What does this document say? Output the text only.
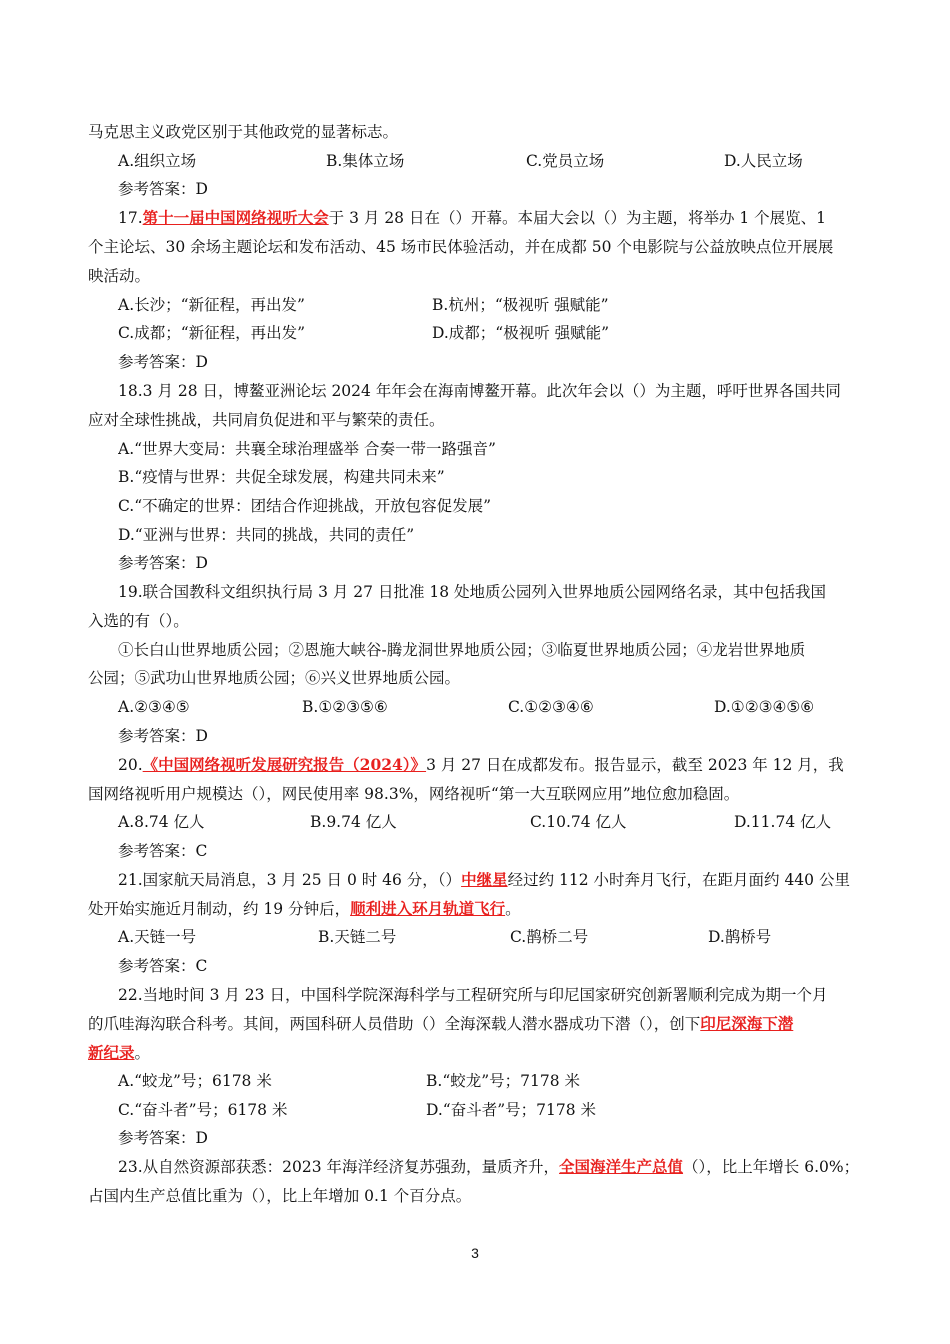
马克思主义政党区别于其他政党的显著标志。
A.组织立场	B.集体立场	C.党员立场	D.人民立场
参考答案：D
17.第十一届中国网络视听大会于 3 月 28 日在（）开幕。本届大会以（）为主题，将举办 1 个展览、1
个主论坛、30 余场主题论坛和发布活动、45 场市民体验活动，并在成都 50 个电影院与公益放映点位开展展
映活动。
A.长沙；“新征程，再出发”	B.杭州；“极视听 强赋能”
C.成都；“新征程，再出发”	D.成都；“极视听 强赋能”
参考答案：D
18.3 月 28 日，博鳌亚洲论坛 2024 年年会在海南博鳌开幕。此次年会以（）为主题，呼吁世界各国共同
应对全球性挑战，共同肩负促进和平与繁荣的责任。
A.“世界大变局：共襄全球治理盛举 合奏一带一路强音”
B.“疫情与世界：共促全球发展，构建共同未来”
C.“不确定的世界：团结合作迎挑战，开放包容促发展”
D.“亚洲与世界：共同的挑战，共同的责任”
参考答案：D
19.联合国教科文组织执行局 3 月 27 日批准 18 处地质公园列入世界地质公园网络名录，其中包括我国
入选的有（）。
①长白山世界地质公园；②恩施大峡谷-腾龙洞世界地质公园；③临夏世界地质公园；④龙岩世界地质
公园；⑤武功山世界地质公园；⑥兴义世界地质公园。
A.②③④⑤	B.①②③⑤⑥	C.①②③④⑥	D.①②③④⑤⑥
参考答案：D
20.《中国网络视听发展研究报告（2024）》3 月 27 日在成都发布。报告显示，截至 2023 年 12 月，我
国网络视听用户规模达（），网民使用率 98.3%，网络视听“第一大互联网应用”地位愈加稳固。
A.8.74 亿人	B.9.74 亿人	C.10.74 亿人	D.11.74 亿人
参考答案：C
21.国家航天局消息，3 月 25 日 0 时 46 分，（）中继星经过约 112 小时奔月飞行，在距月面约 440 公里
处开始实施近月制动，约 19 分钟后，顺利进入环月轨道飞行。
A.天链一号	B.天链二号	C.鹊桥二号	D.鹊桥号
参考答案：C
22.当地时间 3 月 23 日，中国科学院深海科学与工程研究所与印尼国家研究创新署顺利完成为期一个月
的爪哇海沟联合科考。其间，两国科研人员借助（）全海深载人潜水器成功下潜（），创下印尼深海下潜
新纪录。
A.“蛟龙”号；6178 米	B.“蛟龙”号；7178 米
C.“奋斗者”号；6178 米	D.“奋斗者”号；7178 米
参考答案：D
23.从自然资源部获悉：2023 年海洋经济复苏强劲，量质齐升，全国海洋生产总值（），比上年增长 6.0%；
占国内生产总值比重为（），比上年增加 0.1 个百分点。
3
